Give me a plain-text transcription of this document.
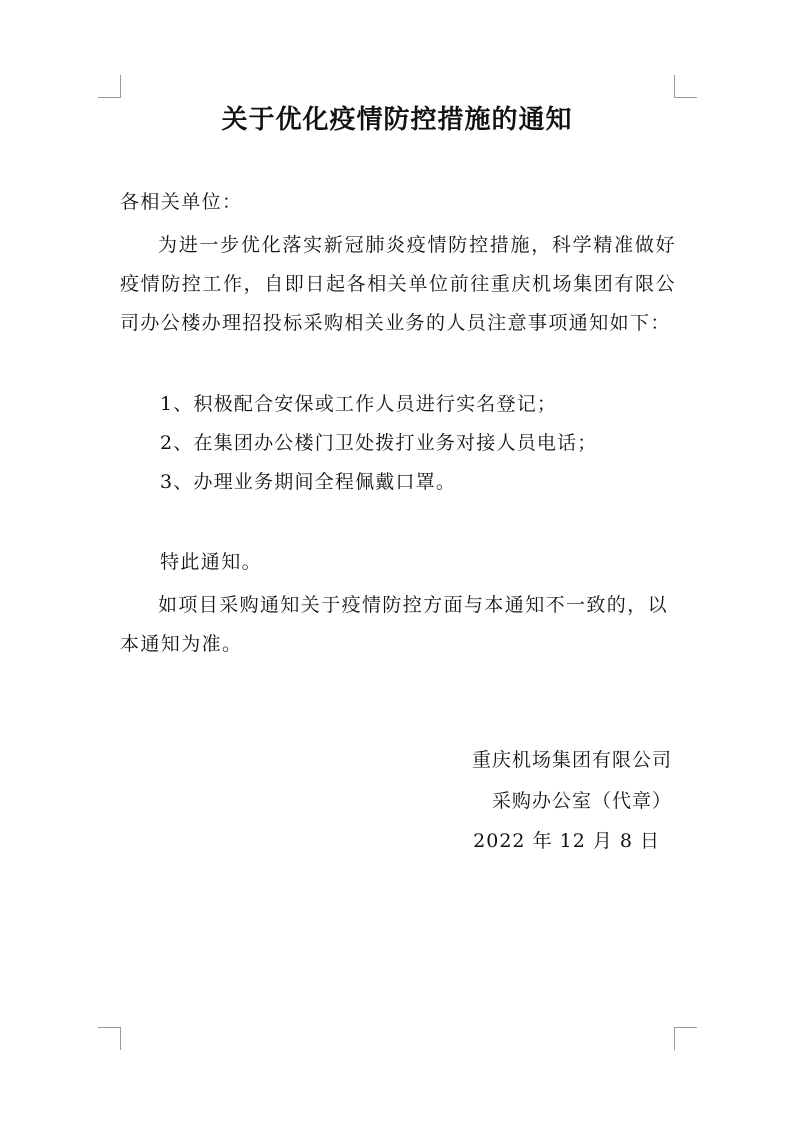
关于优化疫情防控措施的通知

各相关单位：

为进一步优化落实新冠肺炎疫情防控措施，科学精准做好疫情防控工作，自即日起各相关单位前往重庆机场集团有限公司办公楼办理招投标采购相关业务的人员注意事项通知如下：

1、积极配合安保或工作人员进行实名登记；
2、在集团办公楼门卫处拨打业务对接人员电话；
3、办理业务期间全程佩戴口罩。

特此通知。

如项目采购通知关于疫情防控方面与本通知不一致的，以本通知为准。

重庆机场集团有限公司

采购办公室（代章）

2022 年 12 月 8 日
